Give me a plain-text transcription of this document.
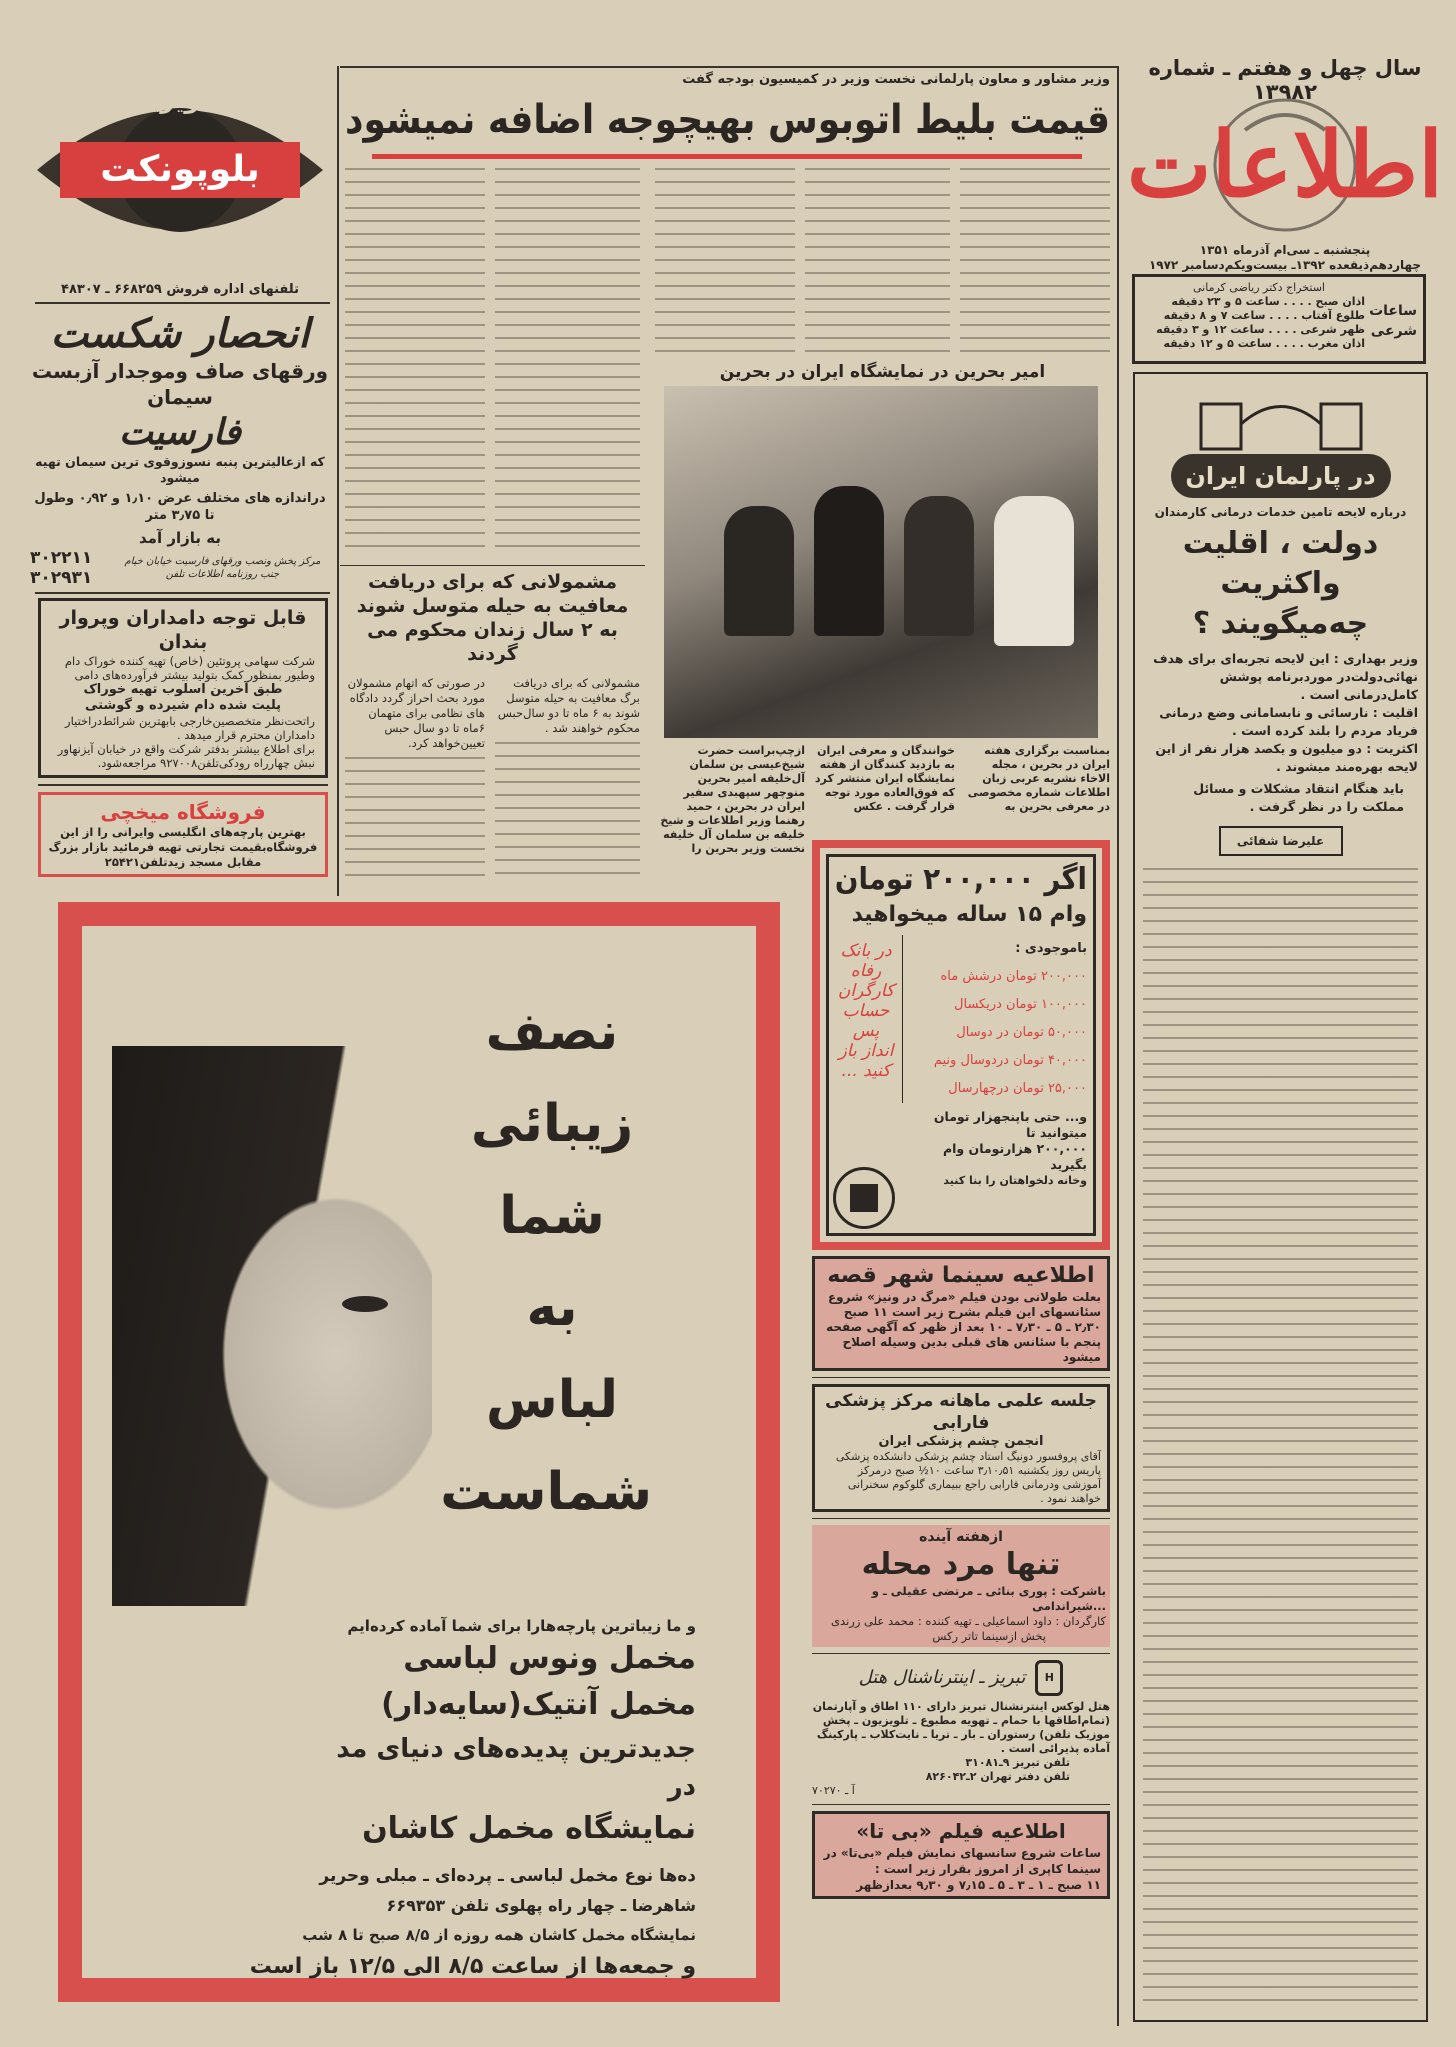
سال چهل و هفتم ـ شماره ۱۳۹۸۲
اطلاعات
پنجشنبه ـ سی‌ام آذرماه ۱۳۵۱
چهاردهم‌ذیقعده ۱۳۹۲ـ بیست‌و‌یکم‌دسامبر ۱۹۷۲
استخراج دکتر ریاضی کرمانی
ساعات شرعی
اذان صبح . . . . ساعت ۵ و ۲۳ دقیقه
طلوع آفتاب . . . . ساعت ۷ و ۸ دقیقه
ظهر شرعی . . . . ساعت ۱۲ و ۳ دقیقه
اذان مغرب . . . . ساعت ۵ و ۱۲ دقیقه
در پارلمان ایران
درباره لایحه تامین خدمات درمانی کارمندان
دولت ، اقلیت واکثریت چه‌میگویند ؟

وزیر بهداری : این لایحه تجربه‌ای برای هدف نهائی‌دولت‌در موردبرنامه پوشش کامل‌درمانی است .

اقلیت : نارسائی و نابسامانی وضع درمانی فریاد مردم را بلند کرده است .

اکثریت : دو میلیون و یکصد هزار نفر از این لایحه بهره‌مند میشوند .

باید هنگام انتقاد مشکلات و مسائل مملکت را در نظر گرفت .

علیرضا شفائی
وزیر مشاور و معاون پارلمانی نخست وزیر در کمیسیون بودجه گفت
قیمت بلیط اتوبوس بهیچوجه اضافه نمیشود
امیر بحرین در نمایشگاه ایران در بحرین
بمناسبت برگزاری هفته ایران در بحرین ، مجله الاخاء نشریه عربی زبان اطلاعات شماره مخصوصی در معرفی بحرین به
خوانندگان و معرفی ایران به بازدید کنندگان از هفته نمایشگاه ایران منتشر کرد که فوق‌العاده مورد توجه قرار گرفت . عکس
ازچپ‌براست حضرت شیخ‌عیسی بن سلمان آل‌خلیفه امیر بحرین منوچهر سپهبدی سفیر ایران در بحرین ، حمید رهنما وزیر اطلاعات و شیخ خلیفه بن سلمان آل خلیفه نخست وزیر بحرین را
مشمولانی که برای دریافت معافیت به حیله متوسل شوند به ۲ سال زندان محکوم می گردند
مشمولانی که برای دریافت برگ معافیت به حیله متوسل شوند به ۶ ماه تا دو سال‌حبس محکوم خواهند شد .
در صورتی که اتهام مشمولان مورد بحث احراز گردد دادگاه های نظامی برای متهمان ۶ماه تا دو سال حبس تعیین‌خواهد کرد.
درتلویزیون
بلوپونکت
بهتر می بینید
تلفنهای اداره فروش ۶۶۸۲۵۹ ـ ۴۸۳۰۷
انحصار شکست
ورقهای صاف وموجدار آزبست سیمان
فارسیت
که ازعالیترین پنبه نسوزوقوی ترین سیمان تهیه میشود
دراندازه های مختلف عرض ۱٫۱۰ و ۰٫۹۲ وطول تا ۳٫۷۵ متر
به بازار آمد
مرکز پخش ونصب ورقهای فارسیت خیابان خیام جنب روزنامه اطلاعات تلفن
۳۰۲۲۱۱
۳۰۲۹۳۱
قابل توجه دامداران وپروار بندان
شرکت سهامی پروتئین (خاص) تهیه کننده خوراک دام وطیور بمنظور کمک بتولید بیشتر فرآورده‌های دامی
طبق آخرین اسلوب تهیه خوراک
پلیت شده دام شیرده و گوشتی
راتحت‌نظر متخصصین‌خارجی بابهترین شرائط‌دراختیار دامداران محترم قرار میدهد .
برای اطلاع بیشتر بدفتر شرکت واقع در خیابان آیزنهاور نبش چهارراه رودکی‌تلفن۹۲۷۰۰۸ مراجعه‌شود.
فروشگاه میخچی
بهترین پارچه‌های انگلیسی وایرانی را از این فروشگاه‌بقیمت تجارتی تهیه فرمائید بازار بزرگ مقابل مسجد زیدتلفن۲۵۴۲۱	اگر ۲۰۰,۰۰۰ تومان
وام ۱۵ ساله میخواهید
باموجودی :
۲۰۰,۰۰۰ تومان درشش ماه
۱۰۰,۰۰۰ تومان دریکسال
۵۰,۰۰۰ تومان در دوسال
۴۰,۰۰۰ تومان دردوسال ونیم
۲۵,۰۰۰ تومان درچهارسال
در بانک رفاه کارگران حساب پس انداز باز کنید ...
و... حتی باپنجهزار تومان میتوانید تا
۲۰۰,۰۰۰ هزارتومان وام بگیرید
وخانه دلخواهتان را بنا کنید
اطلاعیه سینما شهر قصه
بعلت طولانی بودن فیلم «مرگ در ونیز» شروع سئانسهای این فیلم بشرح زیر است ۱۱ صبح ۲٫۳۰ ـ ۵ ـ ۷٫۳۰ ـ ۱۰ بعد از ظهر که آگهی صفحه پنجم با سئانس های قبلی بدین وسیله اصلاح میشود
جلسه علمی ماهانه مرکز پزشکی فارابی
انجمن چشم پزشکی ایران
آقای پروفسور دونیگ استاد چشم پزشکی دانشکده پزشکی پاریس روز یکشنبه ۳٫۱۰٫۵۱ ساعت ۱۰½ صبح درمرکز آموزشی ودرمانی فارابی راجع ببیماری گلوکوم سخنرانی خواهند نمود .
ازهفته آینده
تنها مرد محله
باشرکت : پوری بنائی ـ مرتضی عقیلی ـ و ...شیراندامی
کارگردان : داود اسماعیلی ـ تهیه کننده : محمد علی زرندی
پخش ازسینما تاتر رکس
H
تبریز ـ اینترناشنال هتل
هتل لوکس اینترنشنال تبریز دارای ۱۱۰ اطاق و آپارتمان (تمام‌اطاقها با حمام ـ تهویه مطبوع ـ تلویزیون ـ پخش موزیک تلفن) رستوران ـ بار ـ تریا ـ نایت‌کلاب ـ پارکینگ آماده پذیرائی است .
تلفن تبریز ۹ـ۳۱۰۸۱
تلفن دفتر تهران ۲ـ۸۲۶۰۴۲
آ ـ ۷۰۲۷۰
اطلاعیه فیلم «بی تا»
ساعات شروع سانسهای نمایش فیلم «بی‌تا» در سینما کاپری از امروز بقرار زیر است :
۱۱ صبح ـ ۱ ـ ۳ ـ ۵ ـ ۷٫۱۵ و ۹٫۳۰ بعدازظهر
نصف
زیبائی
شما
به
لباس
شماست
و ما زیباترین پارچه‌هارا برای شما آماده کرده‌ایم
مخمل ونوس لباسی
مخمل آنتیک(سایه‌دار)
جدیدترین پدیده‌های دنیای مد
در
نمایشگاه مخمل کاشان
ده‌ها نوع مخمل لباسی ـ پرده‌ای ـ مبلی وحریر
شاهرضا ـ چهار راه پهلوی تلفن ۶۶۹۳۵۳
نمایشگاه مخمل کاشان همه روزه از ۸/۵ صبح تا ۸ شب
و جمعه‌ها از ساعت ۸/۵ الی ۱۲/۵ باز است
